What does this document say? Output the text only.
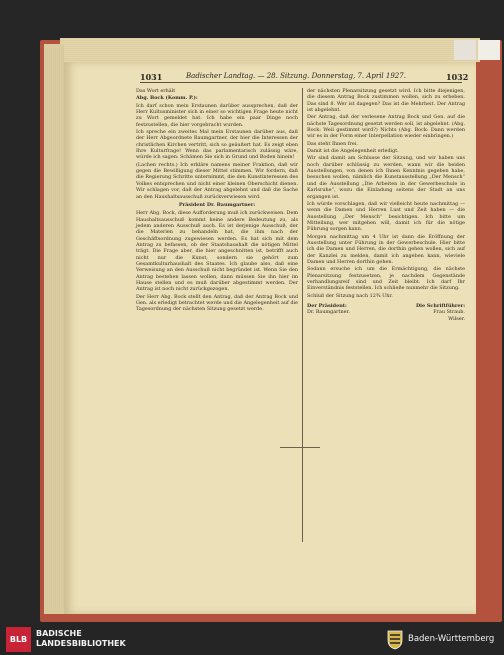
1031	Badischer Landtag. — 28. Sitzung. Donnerstag, 7. April 1927.	1032

Das Wort erhält

Abg. Bock (Komm. P.):

Ich darf schon mein Erstaunen darüber aussprechen, daß der Herr Kultusminister sich in einer so wichtigen Frage heute nicht zu Wort gemeldet hat. Ich habe ein paar Dinge noch festzustellen, die hier vorgebracht wurden.

Ich spreche ein zweites Mal mein Erstaunen darüber aus, daß der Herr Abgeordnete Baumgartner, der hier die Interessen der christlichen Kirchen vertritt, sich so geäußert hat. Es zeigt eben Ihre Kulturfrage! Wenn das parlamentarisch zulässig wäre, würde ich sagen: Schämen Sie sich in Grund und Boden hinein!

(Lachen rechts.) Ich erkläre namens meiner Fraktion, daß wir gegen die Bewilligung dieser Mittel stimmen. Wir fordern, daß die Regierung Schritte unternimmt, die den Kunstinteressen des Volkes entsprechen und nicht einer kleinen Oberschicht dienen. Wir schlagen vor, daß der Antrag abgelehnt und daß die Sache an den Haushaltsausschuß zurückverwiesen wird.

Präsident Dr. Baumgartner:

Herr Abg. Bock, diese Aufforderung muß ich zurückweisen. Dem Haushaltsausschuß kommt keine andere Bedeutung zu, als jedem anderen Ausschuß auch. Es ist derjenige Ausschuß, der die Materien zu behandeln hat, die ihm nach der Geschäftsordnung zugewiesen werden. Es hat sich mit dem Antrag zu befassen, ob der Staatshaushalt die nötigen Mittel trägt. Die Frage aber, die hier angeschnitten ist, betrifft auch nicht nur die Kunst, sondern sie gehört zum Gesamtkulturhaushalt des Staates. Ich glaube also, daß eine Verweisung an den Ausschuß nicht begründet ist. Wenn Sie den Antrag bestehen lassen wollen, dann müssen Sie ihn hier im Hause stellen und es muß darüber abgestimmt werden. Der Antrag ist noch nicht zurückgezogen.

Der Herr Abg. Bock stellt den Antrag, daß der Antrag Bock und Gen. als erledigt betrachtet werde und die Angelegenheit auf die Tagesordnung der nächsten Sitzung gesetzt werde.

der nächsten Plenarsitzung gesetzt wird. Ich bitte diejenigen, die diesem Antrag Bock zustimmen wollen, sich zu erheben. Das sind 8. Wer ist dagegen? Das ist die Mehrheit. Der Antrag ist abgelehnt.

Der Antrag, daß der verlesene Antrag Bock und Gen. auf die nächste Tagesordnung gesetzt werden soll, ist abgelehnt. (Abg. Bock: Weil gestimmt wird?) Nichts (Abg. Bock: Dann werden wir es in der Form einer Interpellation wieder einbringen.)

Das steht Ihnen frei.

Damit ist die Angelegenheit erledigt.

Wir sind damit am Schlusse der Sitzung, und wir haben uns noch darüber schlüssig zu werden, wann wir die beiden Ausstellungen, von denen ich Ihnen Kenntnis gegeben habe, besuchen wollen, nämlich die Kunstausstellung „Der Mensch“ und die Ausstellung „Die Arbeiten in der Gewerbeschule in Karlsruhe“, wozu die Einladung seitens der Stadt an uns ergangen ist.

Ich würde vorschlagen, daß wir vielleicht heute nachmittag — wenn die Damen und Herren Lust und Zeit haben — die Ausstellung „Der Mensch“ besichtigen. Ich bitte um Mitteilung, wer mitgehen will, damit ich für die nötige Führung sorgen kann.

Morgen nachmittag um 4 Uhr ist dann die Eröffnung der Ausstellung unter Führung in der Gewerbeschule. Hier bitte ich die Damen und Herren, die dorthin gehen wollen, sich auf der Kanzlei zu melden, damit ich angeben kann, wieviele Damen und Herren dorthin gehen.

Sodann ersuche ich um die Ermächtigung, die nächste Plenarsitzung festzusetzen, je nachdem Gegenstände verhandlungsreif sind und Zeit bleibt. Ich darf Ihr Einverständnis feststellen. Ich schließe nunmehr die Sitzung.

Schluß der Sitzung nach 12¾ Uhr.

Der Präsident:	Die Schriftführer:
Dr. Baumgartner.	Frau Straub.
Wilser.
BLB
BADISCHE
LANDESBIBLIOTHEK	Baden-Württemberg
